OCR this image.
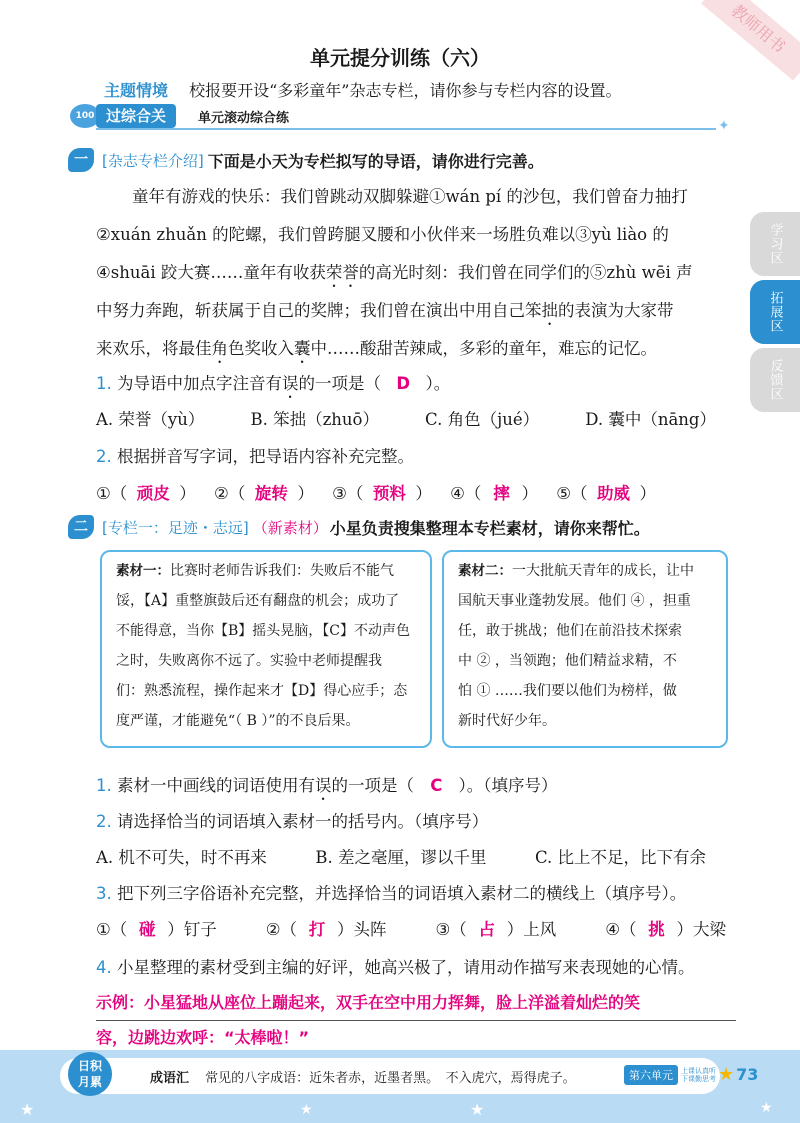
教师用书
单元提分训练（六）
主题情境 校报要开设“多彩童年”杂志专栏，请你参与专栏内容的设置。
100 过综合关	单元滚动综合练	✦
学习区
拓展区
反馈区
一 [杂志专栏介绍] 下面是小天为专栏拟写的导语，请你进行完善。
童年有游戏的快乐：我们曾跳动双脚躲避①wán pí 的沙包，我们曾奋力抽打
②xuán zhuǎn 的陀螺，我们曾跨腿叉腰和小伙伴来一场胜负难以③yù liào 的
④shuāi 跤大赛……童年有收获荣誉的高光时刻：我们曾在同学们的⑤zhù wēi 声
中努力奔跑，斩获属于自己的奖牌；我们曾在演出中用自己笨拙的表演为大家带
来欢乐，将最佳角色奖收入囊中……酸甜苦辣咸，多彩的童年，难忘的记忆。
1. 为导语中加点字注音有误的一项是（ D ）。
A. 荣誉（yù）	B. 笨拙（zhuō）	C. 角色（jué）	D. 囊中（nāng）
2. 根据拼音写字词，把导语内容补充完整。
①（ 顽皮 ） ②（ 旋转 ） ③（ 预料 ） ④（ 摔 ） ⑤（ 助威 ）
二 [专栏一：足迹・志远] （新素材） 小星负责搜集整理本专栏素材，请你来帮忙。
素材一：比赛时老师告诉我们：失败后不能气
馁，【A】重整旗鼓后还有翻盘的机会；成功了
不能得意，当你【B】摇头晃脑，【C】不动声色
之时，失败离你不远了。实验中老师提醒我
们：熟悉流程，操作起来才【D】得心应手；态
度严谨，才能避免“（ B ）”的不良后果。
素材二：一大批航天青年的成长，让中
国航天事业蓬勃发展。他们 ④ ，担重
任，敢于挑战；他们在前沿技术探索
中 ② ，当领跑；他们精益求精，不
怕 ① ……我们要以他们为榜样，做
新时代好少年。
1. 素材一中画线的词语使用有误的一项是（ C ）。（填序号）
2. 请选择恰当的词语填入素材一的括号内。（填序号）
A. 机不可失，时不再来	B. 差之毫厘，谬以千里	C. 比上不足，比下有余
3. 把下列三字俗语补充完整，并选择恰当的词语填入素材二的横线上（填序号）。
①（ 碰 ）钉子	②（ 打 ）头阵	③（ 占 ）上风	④（ 挑 ）大梁
4. 小星整理的素材受到主编的好评，她高兴极了，请用动作描写来表现她的心情。
示例：小星猛地从座位上蹦起来，双手在空中用力挥舞，脸上洋溢着灿烂的笑
容，边跳边欢呼：“太棒啦！”
日积
月累	成语汇 常见的八字成语：近朱者赤，近墨者黑。　不入虎穴，焉得虎子。	第六单元	上课认真听
下课勤思考 ★ 73
★	★	★	★
